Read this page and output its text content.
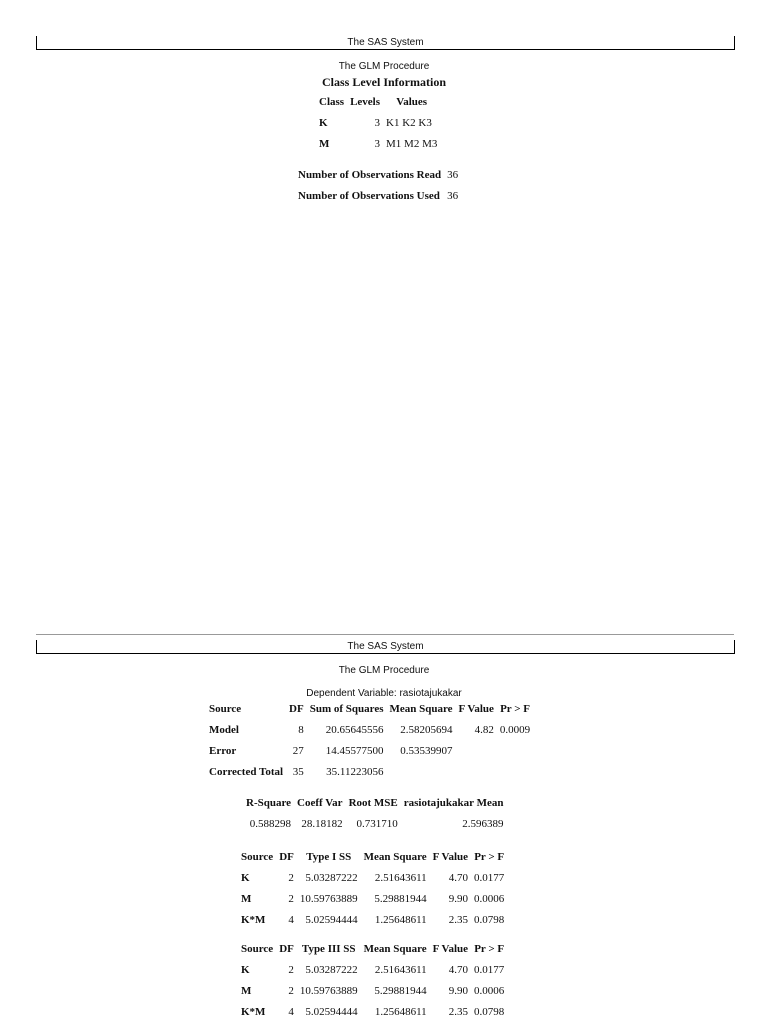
The SAS System
The GLM Procedure
Class Level Information
Class	Levels	Values
K	3	K1 K2 K3
M	3	M1 M2 M3
Number of Observations Read	36
Number of Observations Used	36
The SAS System
The GLM Procedure
Dependent Variable: rasiotajukakar
Source	DF	Sum of Squares	Mean Square	F Value	Pr > F
Model	8	20.65645556	2.58205694	4.82	0.0009
Error	27	14.45577500	0.53539907		
Corrected Total	35	35.11223056			
R-Square	Coeff Var	Root MSE	rasiotajukakar Mean
0.588298	28.18182	0.731710	2.596389
Source	DF	Type I SS	Mean Square	F Value	Pr > F
K	2	5.03287222	2.51643611	4.70	0.0177
M	2	10.59763889	5.29881944	9.90	0.0006
K*M	4	5.02594444	1.25648611	2.35	0.0798
Source	DF	Type III SS	Mean Square	F Value	Pr > F
K	2	5.03287222	2.51643611	4.70	0.0177
M	2	10.59763889	5.29881944	9.90	0.0006
K*M	4	5.02594444	1.25648611	2.35	0.0798
